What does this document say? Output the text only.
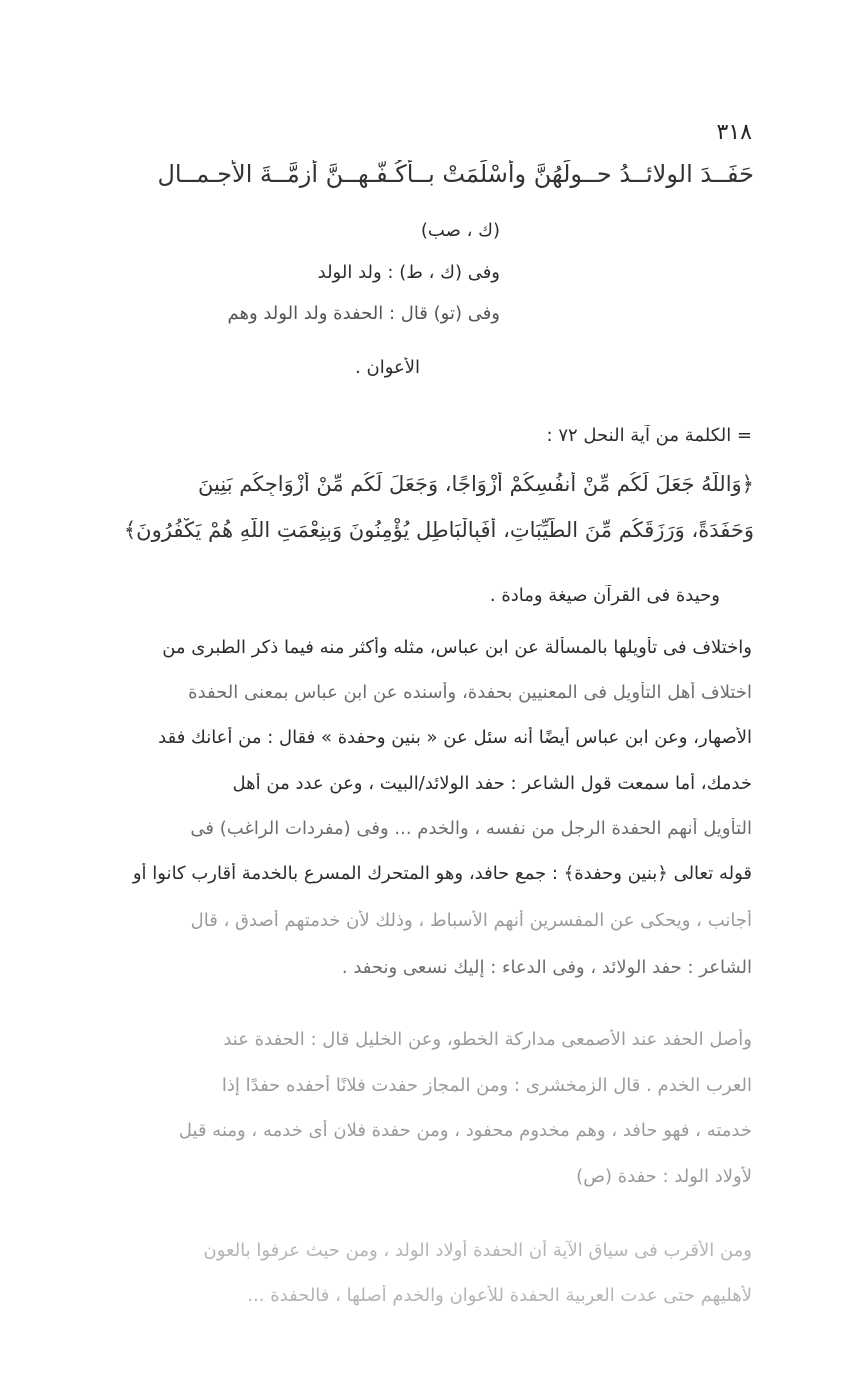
٣١٨
حَفَــدَ الولائــدُ حــولَهُنَّ وأسْلَمَتْ بــأكُـفّـهِــنَّ أزِمَّــةَ الأجـمــالِ
(ك ، صب)
وفى (ك ، ط) : ولد الولد
وفى (تو) قال : الحفدة ولد الولد وهم
الأعوان .
= الكلمة من آية النحل ٧٢ :
﴿وَاللَّهُ جَعَلَ لَكُم مِّنْ أَنفُسِكُمْ أَزْوَاجًا، وَجَعَلَ لَكُم مِّنْ أَزْوَاجِكُم بَنِينَ
وَحَفَدَةً، وَرَزَقَكُم مِّنَ الطَّيِّبَاتِ، أَفَبِالْبَاطِلِ يُؤْمِنُونَ وَبِنِعْمَتِ اللَّهِ هُمْ يَكْفُرُونَ﴾
وحيدة فى القرآن صيغة ومادة .
واختلاف فى تأويلها بالمسألة عن ابن عباس، مثله وأكثر منه فيما ذكر الطبرى من
اختلاف أهل التأويل فى المعنيين بحفدة، وأسنده عن ابن عباس بمعنى الحفدة
الأصهار، وعن ابن عباس أيضًا أنه سئل عن « بنين وحفدة » فقال : من أعانك فقد
خدمك، أما سمعت قول الشاعر : حفد الولائد/البيت ، وعن عدد من أهل
التأويل أنهم الحفدة الرجل من نفسه ، والخدم ... وفى (مفردات الراغب) فى
قوله تعالى ﴿بنين وحفدة﴾ : جمع حافد، وهو المتحرك المسرع بالخدمة أقارب كانوا أو
أجانب ، ويحكى عن المفسرين أنهم الأسباط ، وذلك لأن خدمتهم أصدق ، قال
الشاعر : حفد الولائد ، وفى الدعاء : إليك نسعى ونحفد .
وأصل الحفد عند الأصمعى مداركة الخطو، وعن الخليل قال : الحفدة عند
العرب الخدم . قال الزمخشرى : ومن المجاز حفدت فلانًا أحفده حفدًا إذا
خدمته ، فهو حافد ، وهم مخدوم محفود ، ومن حفدة فلان أى خدمه ، ومنه قيل
لأولاد الولد : حفدة (ص)
ومن الأقرب فى سياق الآية أن الحفدة أولاد الولد ، ومن حيث عرفوا بالعون
لأهليهم حتى عدت العربية الحفدة للأعوان والخدم أصلها ، فالحفدة ...
